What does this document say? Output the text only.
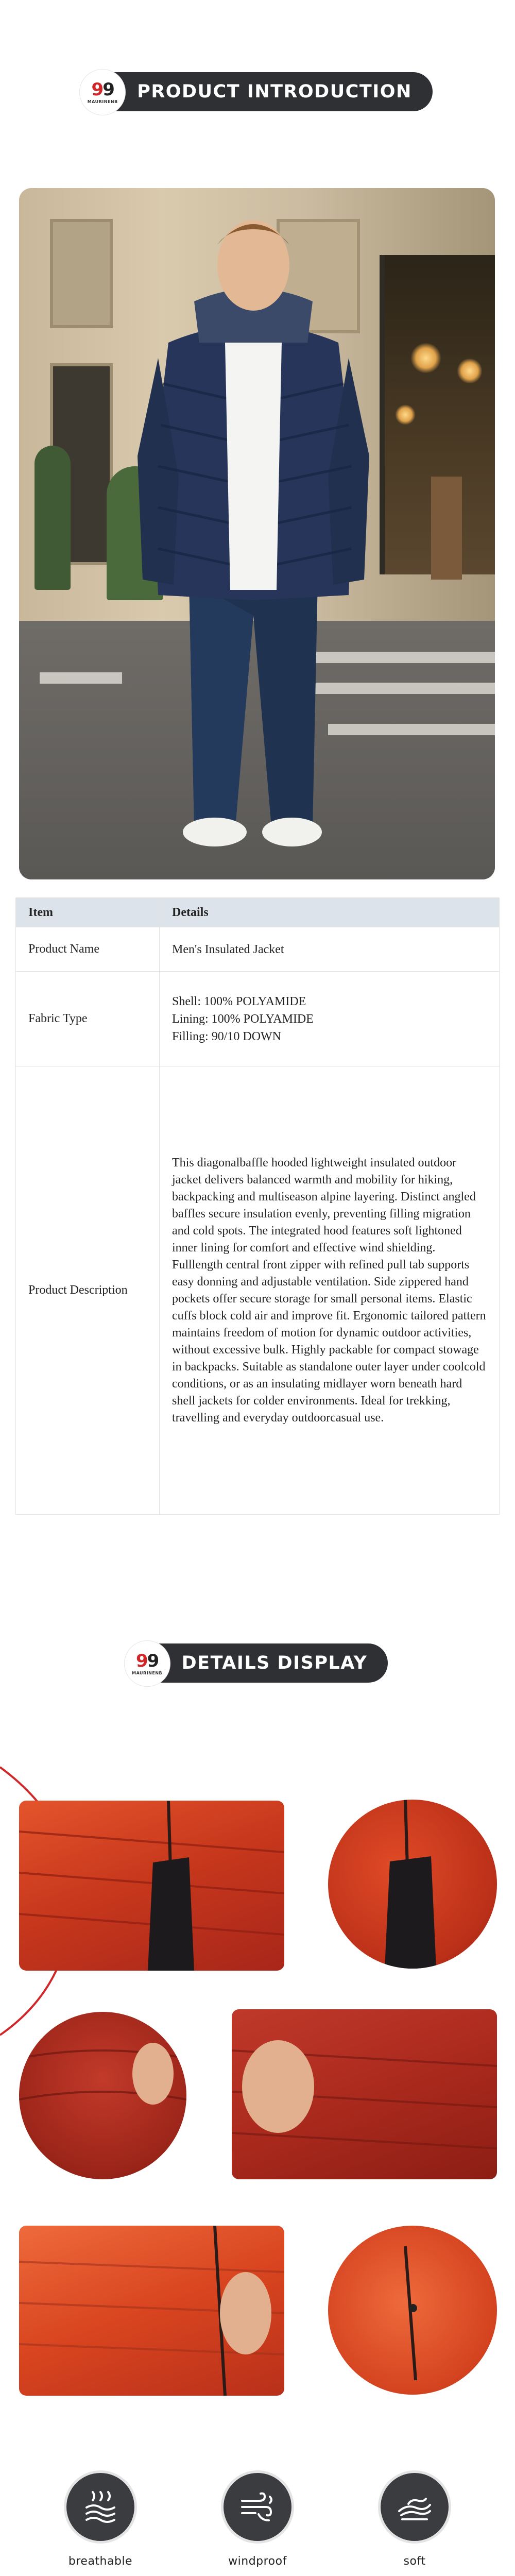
99
MAURINENB PRODUCT INTRODUCTION
Item	Details
Product Name	Men's Insulated Jacket

Fabric Type	Shell: 100% POLYAMIDE
Lining: 100% POLYAMIDE
Filling: 90/10 DOWN

Product Description	This diagonalbaffle hooded lightweight insulated outdoor jacket delivers balanced warmth and mobility for hiking, backpacking and multiseason alpine layering. Distinct angled baffles secure insulation evenly, preventing filling migration and cold spots. The integrated hood features soft lightoned inner lining for comfort and effective wind shielding.
Fulllength central front zipper with refined pull tab supports easy donning and adjustable ventilation. Side zippered hand pockets offer secure storage for small personal items. Elastic cuffs block cold air and improve fit. Ergonomic tailored pattern maintains freedom of motion for dynamic outdoor activities, without excessive bulk. Highly packable for compact stowage in backpacks. Suitable as standalone outer layer under coolcold conditions, or as an insulating midlayer worn beneath hard shell jackets for colder environments. Ideal for trekking, travelling and everyday outdoorcasual use.
99
MAURINENB DETAILS DISPLAY
breathable	windproof	soft
